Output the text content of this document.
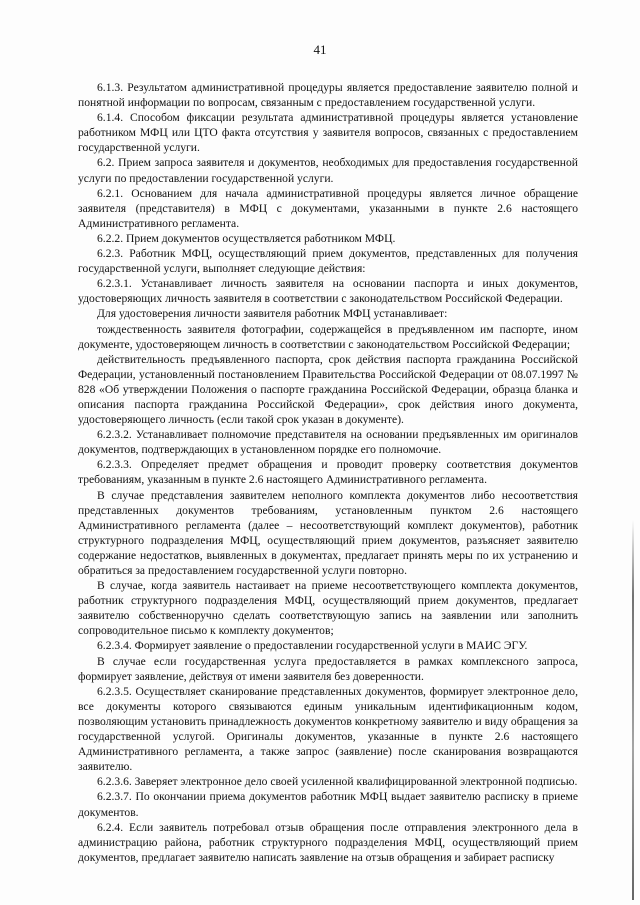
41

6.1.3. Результатом административной процедуры является предоставление заявителю полной и понятной информации по вопросам, связанным с предоставлением государственной услуги.

6.1.4. Способом фиксации результата административной процедуры является установление работником МФЦ или ЦТО факта отсутствия у заявителя вопросов, связанных с предоставлением государственной услуги.

6.2. Прием запроса заявителя и документов, необходимых для предоставления государственной услуги по предоставлении государственной услуги.

6.2.1. Основанием для начала административной процедуры является личное обращение заявителя (представителя) в МФЦ с документами, указанными в пункте 2.6 настоящего Административного регламента.

6.2.2. Прием документов осуществляется работником МФЦ.

6.2.3. Работник МФЦ, осуществляющий прием документов, представленных для получения государственной услуги, выполняет следующие действия:

6.2.3.1. Устанавливает личность заявителя на основании паспорта и иных документов, удостоверяющих личность заявителя в соответствии с законодательством Российской Федерации.

Для удостоверения личности заявителя работник МФЦ устанавливает:

тождественность заявителя фотографии, содержащейся в предъявленном им паспорте, ином документе, удостоверяющем личность в соответствии с законодательством Российской Федерации;

действительность предъявленного паспорта, срок действия паспорта гражданина Российской Федерации, установленный постановлением Правительства Российской Федерации от 08.07.1997 № 828 «Об утверждении Положения о паспорте гражданина Российской Федерации, образца бланка и описания паспорта гражданина Российской Федерации», срок действия иного документа, удостоверяющего личность (если такой срок указан в документе).

6.2.3.2. Устанавливает полномочие представителя на основании предъявленных им оригиналов документов, подтверждающих в установленном порядке его полномочие.

6.2.3.3. Определяет предмет обращения и проводит проверку соответствия документов требованиям, указанным в пункте 2.6 настоящего Административного регламента.

В случае представления заявителем неполного комплекта документов либо несоответствия представленных документов требованиям, установленным пунктом 2.6 настоящего Административного регламента (далее – несоответствующий комплект документов), работник структурного подразделения МФЦ, осуществляющий прием документов, разъясняет заявителю содержание недостатков, выявленных в документах, предлагает принять меры по их устранению и обратиться за предоставлением государственной услуги повторно.

В случае, когда заявитель настаивает на приеме несоответствующего комплекта документов, работник структурного подразделения МФЦ, осуществляющий прием документов, предлагает заявителю собственноручно сделать соответствующую запись на заявлении или заполнить сопроводительное письмо к комплекту документов;

6.2.3.4. Формирует заявление о предоставлении государственной услуги в МАИС ЭГУ.

В случае если государственная услуга предоставляется в рамках комплексного запроса, формирует заявление, действуя от имени заявителя без доверенности.

6.2.3.5. Осуществляет сканирование представленных документов, формирует электронное дело, все документы которого связываются единым уникальным идентификационным кодом, позволяющим установить принадлежность документов конкретному заявителю и виду обращения за государственной услугой. Оригиналы документов, указанные в пункте 2.6 настоящего Административного регламента, а также запрос (заявление) после сканирования возвращаются заявителю.

6.2.3.6. Заверяет электронное дело своей усиленной квалифицированной электронной подписью.

6.2.3.7. По окончании приема документов работник МФЦ выдает заявителю расписку в приеме документов.

6.2.4. Если заявитель потребовал отзыв обращения после отправления электронного дела в администрацию района, работник структурного подразделения МФЦ, осуществляющий прием документов, предлагает заявителю написать заявление на отзыв обращения и забирает расписку
